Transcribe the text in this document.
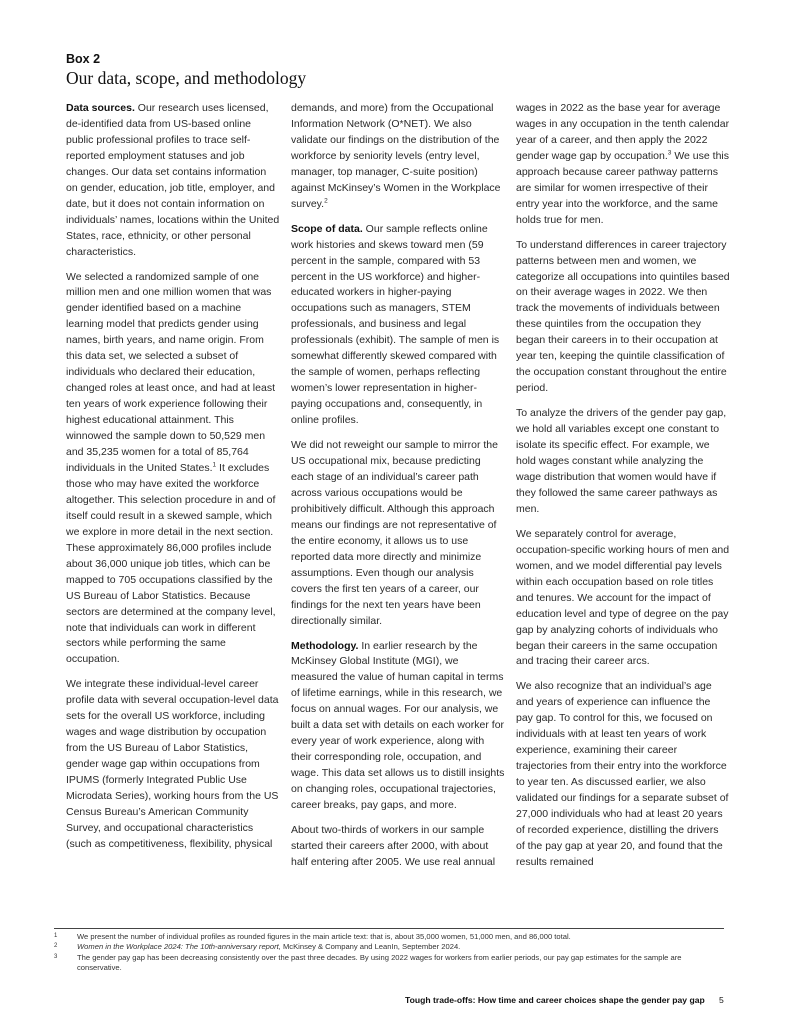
Box 2
Our data, scope, and methodology

Data sources. Our research uses licensed, de-identified data from US-based online public professional profiles to trace self-reported employment statuses and job changes. Our data set contains information on gender, education, job title, employer, and date, but it does not contain information on individuals’ names, locations within the United States, race, ethnicity, or other personal characteristics.

We selected a randomized sample of one million men and one million women that was gender identified based on a machine learning model that predicts gender using names, birth years, and name origin. From this data set, we selected a subset of individuals who declared their education, changed roles at least once, and had at least ten years of work experience following their highest educational attainment. This winnowed the sample down to 50,529 men and 35,235 women for a total of 85,764 individuals in the United States.$^1$ It excludes those who may have exited the workforce altogether. This selection procedure in and of itself could result in a skewed sample, which we explore in more detail in the next section. These approximately 86,000 profiles include about 36,000 unique job titles, which can be mapped to 705 occupations classified by the US Bureau of Labor Statistics. Because sectors are determined at the company level, note that individuals can work in different sectors while performing the same occupation.

We integrate these individual-level career profile data with several occupation-level data sets for the overall US workforce, including wages and wage distribution by occupation from the US Bureau of Labor Statistics, gender wage gap within occupations from IPUMS (formerly Integrated Public Use Microdata Series), working hours from the US Census Bureau’s American Community Survey, and occupational characteristics (such as competitiveness, flexibility, physical

demands, and more) from the Occupational Information Network (O*NET). We also validate our findings on the distribution of the workforce by seniority levels (entry level, manager, top manager, C-suite position) against McKinsey’s Women in the Workplace survey.$^2$

Scope of data. Our sample reflects online work histories and skews toward men (59 percent in the sample, compared with 53 percent in the US workforce) and higher-educated workers in higher-paying occupations such as managers, STEM professionals, and business and legal professionals (exhibit). The sample of men is somewhat differently skewed compared with the sample of women, perhaps reflecting women’s lower representation in higher-paying occupations and, consequently, in online profiles.

We did not reweight our sample to mirror the US occupational mix, because predicting each stage of an individual’s career path across various occupations would be prohibitively difficult. Although this approach means our findings are not representative of the entire economy, it allows us to use reported data more directly and minimize assumptions. Even though our analysis covers the first ten years of a career, our findings for the next ten years have been directionally similar.

Methodology. In earlier research by the McKinsey Global Institute (MGI), we measured the value of human capital in terms of lifetime earnings, while in this research, we focus on annual wages. For our analysis, we built a data set with details on each worker for every year of work experience, along with their corresponding role, occupation, and wage. This data set allows us to distill insights on changing roles, occupational trajectories, career breaks, pay gaps, and more.

About two-thirds of workers in our sample started their careers after 2000, with about half entering after 2005. We use real annual

wages in 2022 as the base year for average wages in any occupation in the tenth calendar year of a career, and then apply the 2022 gender wage gap by occupation.$^3$ We use this approach because career pathway patterns are similar for women irrespective of their entry year into the workforce, and the same holds true for men.

To understand differences in career trajectory patterns between men and women, we categorize all occupations into quintiles based on their average wages in 2022. We then track the movements of individuals between these quintiles from the occupation they began their careers in to their occupation at year ten, keeping the quintile classification of the occupation constant throughout the entire period.

To analyze the drivers of the gender pay gap, we hold all variables except one constant to isolate its specific effect. For example, we hold wages constant while analyzing the wage distribution that women would have if they followed the same career pathways as men.

We separately control for average, occupation-specific working hours of men and women, and we model differential pay levels within each occupation based on role titles and tenures. We account for the impact of education level and type of degree on the pay gap by analyzing cohorts of individuals who began their careers in the same occupation and tracing their career arcs.

We also recognize that an individual’s age and years of experience can influence the pay gap. To control for this, we focused on individuals with at least ten years of work experience, examining their career trajectories from their entry into the workforce to year ten. As discussed earlier, we also validated our findings for a separate subset of 27,000 individuals who had at least 20 years of recorded experience, distilling the drivers of the pay gap at year 20, and found that the results remained

1	We present the number of individual profiles as rounded figures in the main article text: that is, about 35,000 women, 51,000 men, and 86,000 total.
2	Women in the Workplace 2024: The 10th-anniversary report, McKinsey & Company and LeanIn, September 2024.
3	The gender pay gap has been decreasing consistently over the past three decades. By using 2022 wages for workers from earlier periods, our pay gap estimates for the sample are conservative.
Tough trade-offs: How time and career choices shape the gender pay gap 5
